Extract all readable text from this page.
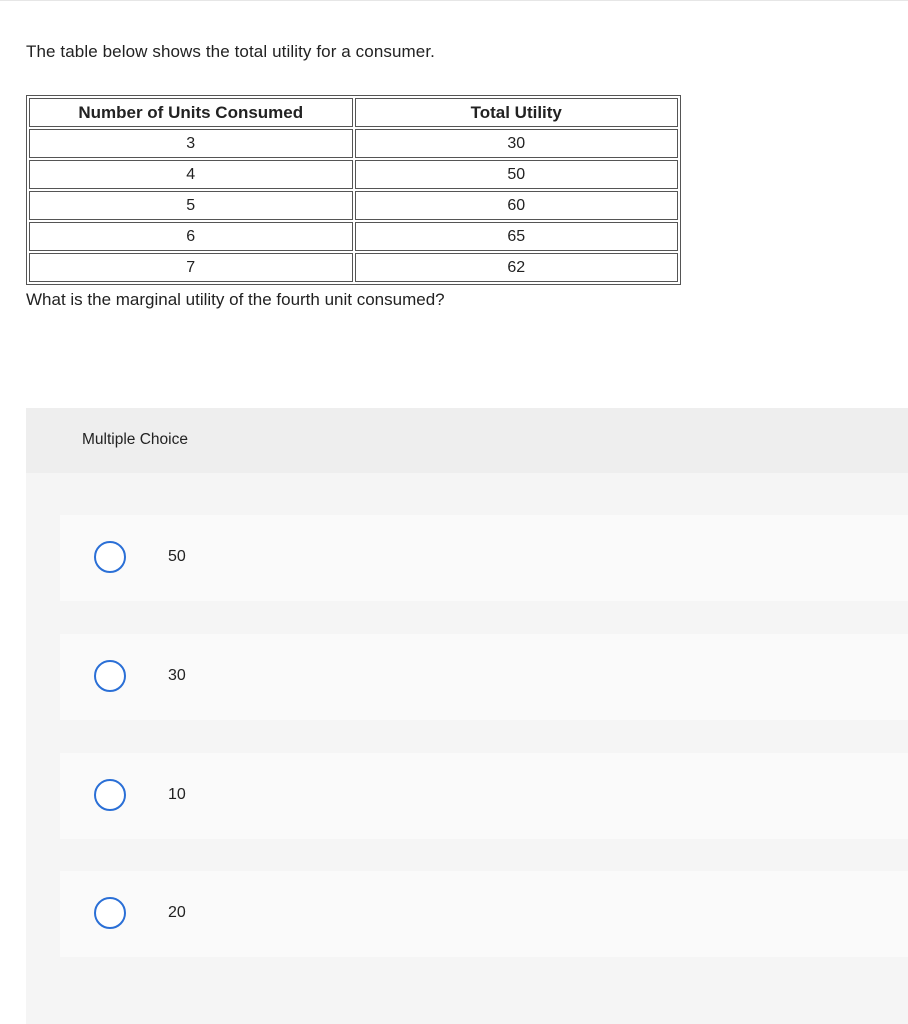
The table below shows the total utility for a consumer.
Number of Units Consumed	Total Utility
3	30
4	50
5	60
6	65
7	62
What is the marginal utility of the fourth unit consumed?
Multiple Choice
50
30
10
20
